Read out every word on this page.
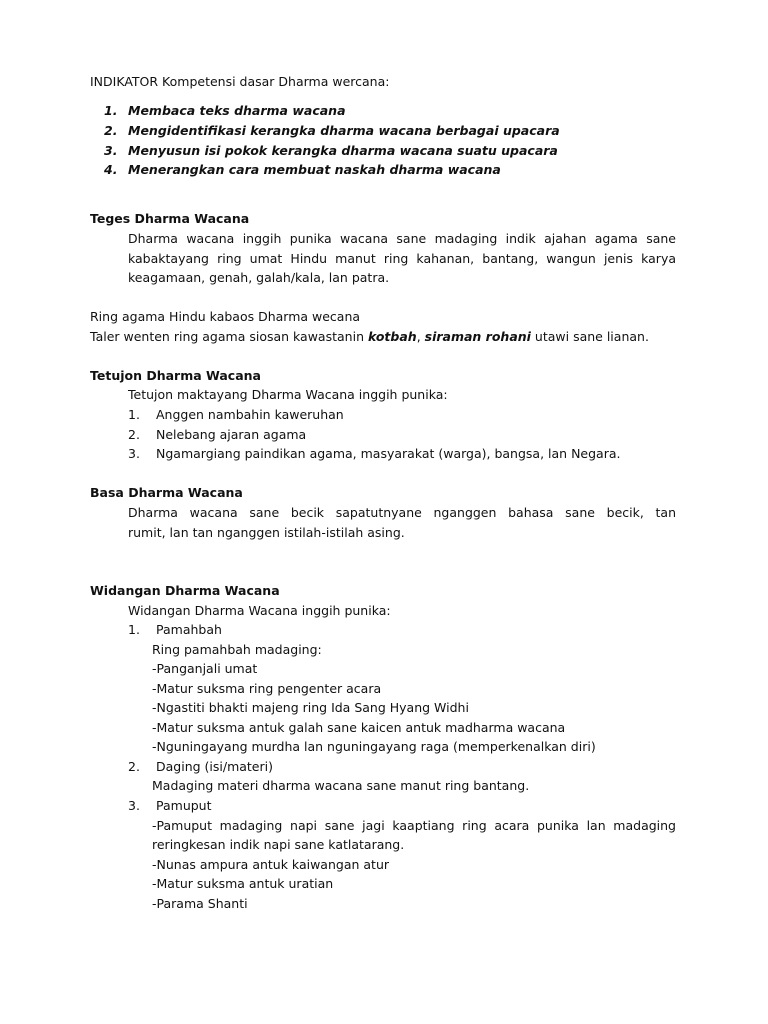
INDIKATOR Kompetensi dasar Dharma wercana:
1. Membaca teks dharma wacana
2. Mengidentifikasi kerangka dharma wacana berbagai upacara
3. Menyusun isi pokok kerangka dharma wacana suatu upacara
4. Menerangkan cara membuat naskah dharma wacana
Teges Dharma Wacana
Dharma wacana inggih punika wacana sane madaging indik ajahan agama sane
kabaktayang ring umat Hindu manut ring kahanan, bantang, wangun jenis karya
keagamaan, genah, galah/kala, lan patra.
Ring agama Hindu kabaos Dharma wecana
Taler wenten ring agama siosan kawastanin kotbah, siraman rohani utawi sane lianan.
Tetujon Dharma Wacana
Tetujon maktayang Dharma Wacana inggih punika:
1. Anggen nambahin kaweruhan
2. Nelebang ajaran agama
3. Ngamargiang paindikan agama, masyarakat (warga), bangsa, lan Negara.
Basa Dharma Wacana
Dharma wacana sane becik sapatutnyane nganggen bahasa sane becik, tan
rumit, lan tan nganggen istilah-istilah asing.
Widangan Dharma Wacana
Widangan Dharma Wacana inggih punika:
1. Pamahbah
Ring pamahbah madaging:
-Panganjali umat
-Matur suksma ring pengenter acara
-Ngastiti bhakti majeng ring Ida Sang Hyang Widhi
-Matur suksma antuk galah sane kaicen antuk madharma wacana
-Nguningayang murdha lan nguningayang raga (memperkenalkan diri)
2. Daging (isi/materi)
Madaging materi dharma wacana sane manut ring bantang.
3. Pamuput
-Pamuput madaging napi sane jagi kaaptiang ring acara punika lan madaging
reringkesan indik napi sane katlatarang.
-Nunas ampura antuk kaiwangan atur
-Matur suksma antuk uratian
-Parama Shanti
